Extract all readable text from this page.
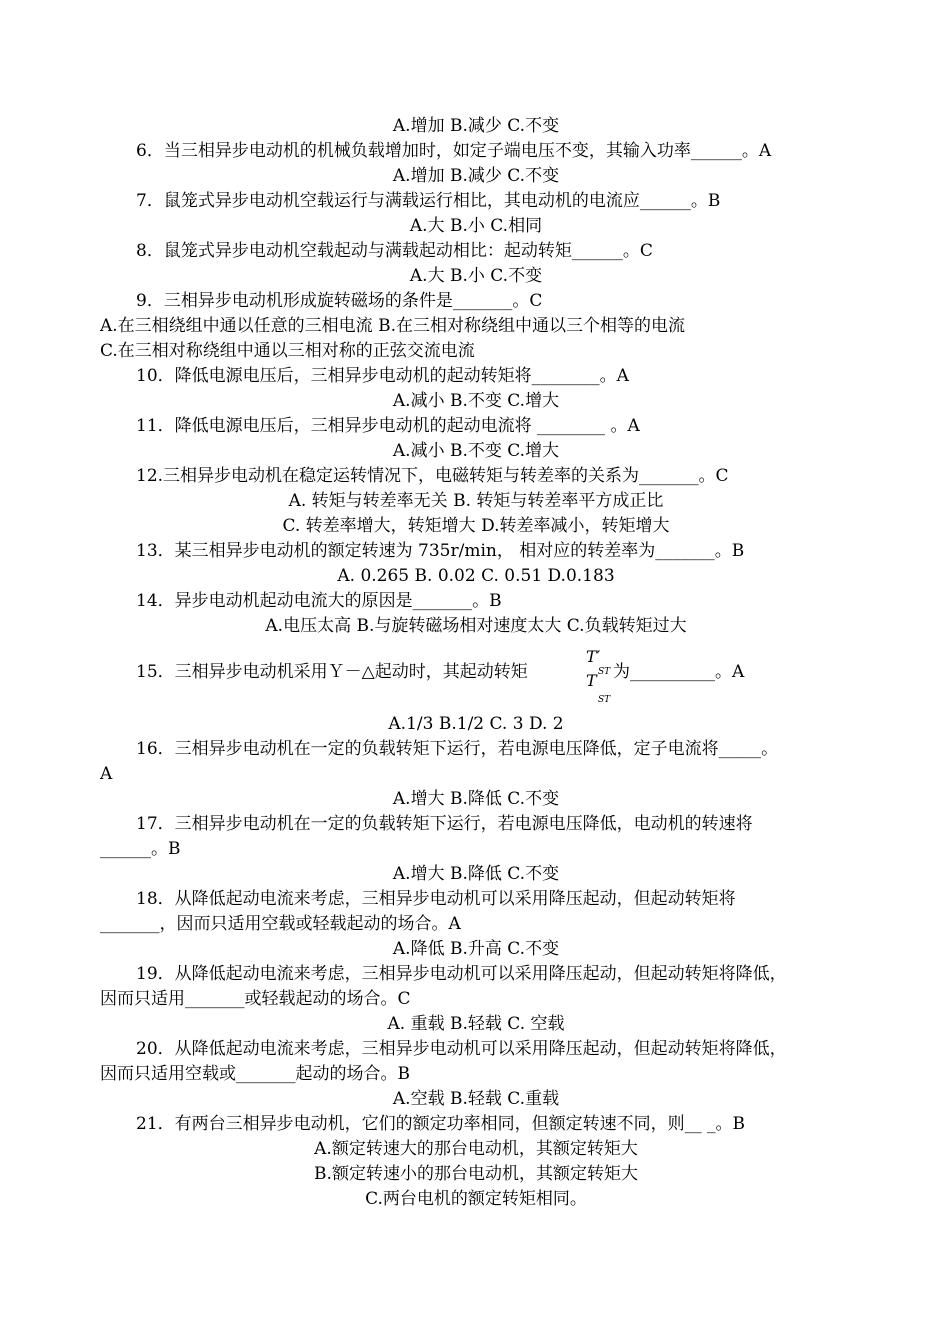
A.增加 B.减少 C.不变
6．当三相异步电动机的机械负载增加时，如定子端电压不变，其输入功率______。A
A.增加 B.减少 C.不变
7．鼠笼式异步电动机空载运行与满载运行相比，其电动机的电流应______。B
A.大 B.小 C.相同
8．鼠笼式异步电动机空载起动与满载起动相比：起动转矩______。C
A.大 B.小 C.不变
9．三相异步电动机形成旋转磁场的条件是_______。C
A.在三相绕组中通以任意的三相电流 B.在三相对称绕组中通以三个相等的电流
C.在三相对称绕组中通以三相对称的正弦交流电流
10．降低电源电压后，三相异步电动机的起动转矩将________。A
A.减小 B.不变 C.增大
11．降低电源电压后，三相异步电动机的起动电流将 ________ 。A
A.减小 B.不变 C.增大
12.三相异步电动机在稳定运转情况下，电磁转矩与转差率的关系为_______。C
A. 转矩与转差率无关 B. 转矩与转差率平方成正比
C. 转差率增大，转矩增大 D.转差率减小，转矩增大
13．某三相异步电动机的额定转速为 735r/min， 相对应的转差率为_______。B
A. 0.265 B. 0.02 C. 0.51 D.0.183
14．异步电动机起动电流大的原因是_______。B
A.电压太高 B.与旋转磁场相对速度太大 C.负载转矩过大
15．三相异步电动机采用Ｙ－△起动时，其起动转矩
T′
ST
T
ST
为__________。A
A.1/3 B.1/2 C. 3 D. 2
16．三相异步电动机在一定的负载转矩下运行，若电源电压降低，定子电流将_____。
A
A.增大 B.降低 C.不变
17．三相异步电动机在一定的负载转矩下运行，若电源电压降低，电动机的转速将
______。B
A.增大 B.降低 C.不变
18．从降低起动电流来考虑，三相异步电动机可以采用降压起动，但起动转矩将
_______，因而只适用空载或轻载起动的场合。A
A.降低 B.升高 C.不变
19．从降低起动电流来考虑，三相异步电动机可以采用降压起动，但起动转矩将降低，
因而只适用_______或轻载起动的场合。C
A. 重载 B.轻载 C. 空载
20．从降低起动电流来考虑，三相异步电动机可以采用降压起动，但起动转矩将降低，
因而只适用空载或_______起动的场合。B
A.空载 B.轻载 C.重载
21．有两台三相异步电动机，它们的额定功率相同，但额定转速不同，则__ _。B
A.额定转速大的那台电动机，其额定转矩大
B.额定转速小的那台电动机，其额定转矩大
C.两台电机的额定转矩相同。
